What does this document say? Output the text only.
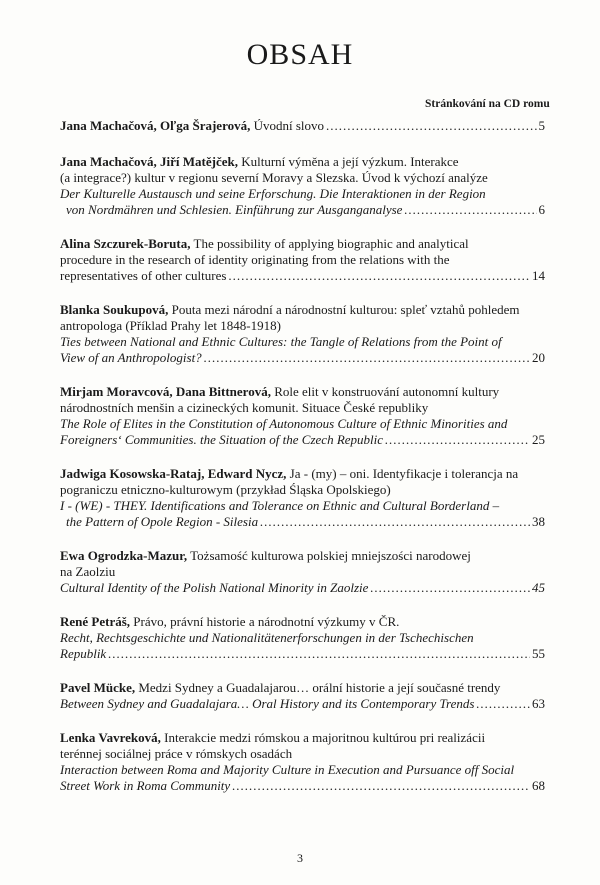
OBSAH
Stránkování na CD romu
Jana Machačová, Oľga Šrajerová, Úvodní slovo .....	5
Jana Machačová, Jiří Matějček, Kulturní výměna a její výzkum. Interakce
(a integrace?) kultur v regionu severní Moravy a Slezska. Úvod k výchozí analýze
Der Kulturelle Austausch und seine Erforschung. Die Interaktionen in der Region
von Nordmähren und Schlesien. Einführung zur Ausganganalyse .....	6
Alina Szczurek-Boruta, The possibility of applying biographic and analytical
procedure in the research of identity originating from the relations with the
representatives of other cultures .....	14
Blanka Soukupová, Pouta mezi národní a národnostní kulturou: spleť vztahů pohledem
antropologa (Příklad Prahy let 1848-1918)
Ties between National and Ethnic Cultures: the Tangle of Relations from the Point of
View of an Anthropologist? .....	20
Mirjam Moravcová, Dana Bittnerová, Role elit v konstruování autonomní kultury
národnostních menšin a cizineckých komunit. Situace České republiky
The Role of Elites in the Constitution of Autonomous Culture of Ethnic Minorities and
Foreigners‘ Communities. the Situation of the Czech Republic .....	25
Jadwiga Kosowska-Rataj, Edward Nycz, Ja - (my) – oni. Identyfikacje i tolerancja na
pograniczu etniczno-kulturowym (przykład Śląska Opolskiego)
I - (WE) - THEY. Identifications and Tolerance on Ethnic and Cultural Borderland –
the Pattern of Opole Region - Silesia .....	38
Ewa Ogrodzka-Mazur, Tożsamość kulturowa polskiej mniejszości narodowej
na Zaolziu
Cultural Identity of the Polish National Minority in Zaolzie .....	45
René Petráš, Právo, právní historie a národnotní výzkumy v ČR.
Recht, Rechtsgeschichte und Nationalitätenerforschungen in der Tschechischen
Republik .....	55
Pavel Mücke, Medzi Sydney a Guadalajarou… orální historie a její současné trendy
Between Sydney and Guadalajara… Oral History and its Contemporary Trends .....	63
Lenka Vavreková, Interakcie medzi rómskou a majoritnou kultúrou pri realizácii
terénnej sociálnej práce v rómskych osadách
Interaction between Roma and Majority Culture in Execution and Pursuance off Social
Street Work in Roma Community .....	68
3
